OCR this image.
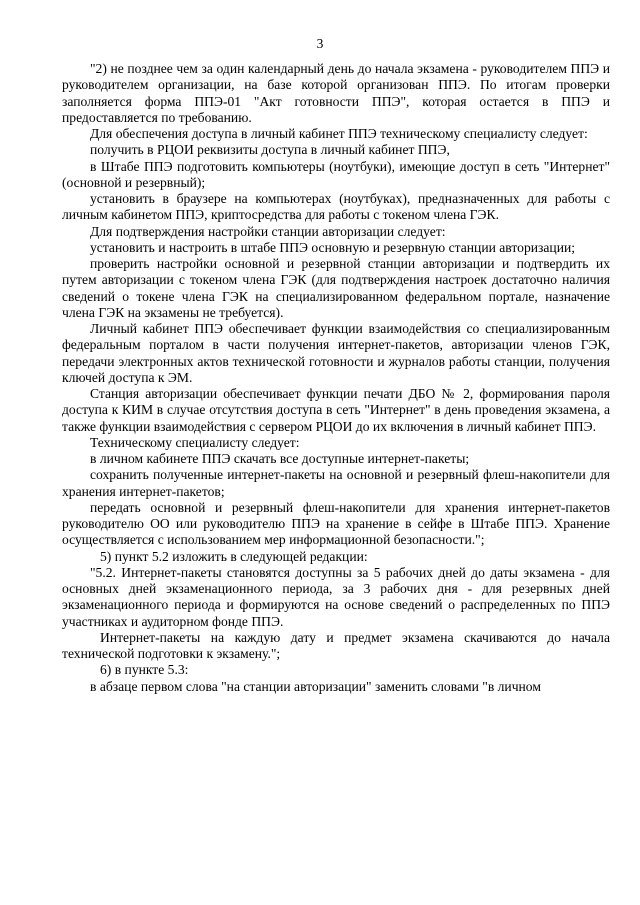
3

"2) не позднее чем за один календарный день до начала экзамена - руководителем ППЭ и руководителем организации, на базе которой организован ППЭ. По итогам проверки заполняется форма ППЭ-01 "Акт готовности ППЭ", которая остается в ППЭ и предоставляется по требованию.

Для обеспечения доступа в личный кабинет ППЭ техническому специалисту следует:

получить в РЦОИ реквизиты доступа в личный кабинет ППЭ,

в Штабе ППЭ подготовить компьютеры (ноутбуки), имеющие доступ в сеть "Интернет" (основной и резервный);

установить в браузере на компьютерах (ноутбуках), предназначенных для работы с личным кабинетом ППЭ, криптосредства для работы с токеном члена ГЭК.

Для подтверждения настройки станции авторизации следует:

установить и настроить в штабе ППЭ основную и резервную станции авторизации;

проверить настройки основной и резервной станции авторизации и подтвердить их путем авторизации с токеном члена ГЭК (для подтверждения настроек достаточно наличия сведений о токене члена ГЭК на специализированном федеральном портале, назначение члена ГЭК на экзамены не требуется).

Личный кабинет ППЭ обеспечивает функции взаимодействия со специализированным федеральным порталом в части получения интернет-пакетов, авторизации членов ГЭК, передачи электронных актов технической готовности и журналов работы станции, получения ключей доступа к ЭМ.

Станция авторизации обеспечивает функции печати ДБО № 2, формирования пароля доступа к КИМ в случае отсутствия доступа в сеть "Интернет" в день проведения экзамена, а также функции взаимодействия с сервером РЦОИ до их включения в личный кабинет ППЭ.

Техническому специалисту следует:

в личном кабинете ППЭ скачать все доступные интернет-пакеты;

сохранить полученные интернет-пакеты на основной и резервный флеш-накопители для хранения интернет-пакетов;

передать основной и резервный флеш-накопители для хранения интернет-пакетов руководителю ОО или руководителю ППЭ на хранение в сейфе в Штабе ППЭ. Хранение осуществляется с использованием мер информационной безопасности.";

5) пункт 5.2 изложить в следующей редакции:

"5.2. Интернет-пакеты становятся доступны за 5 рабочих дней до даты экзамена - для основных дней экзаменационного периода, за 3 рабочих дня - для резервных дней экзаменационного периода и формируются на основе сведений о распределенных по ППЭ участниках и аудиторном фонде ППЭ.

Интернет-пакеты на каждую дату и предмет экзамена скачиваются до начала технической подготовки к экзамену.";

6) в пункте 5.3:

в абзаце первом слова "на станции авторизации" заменить словами "в личном
